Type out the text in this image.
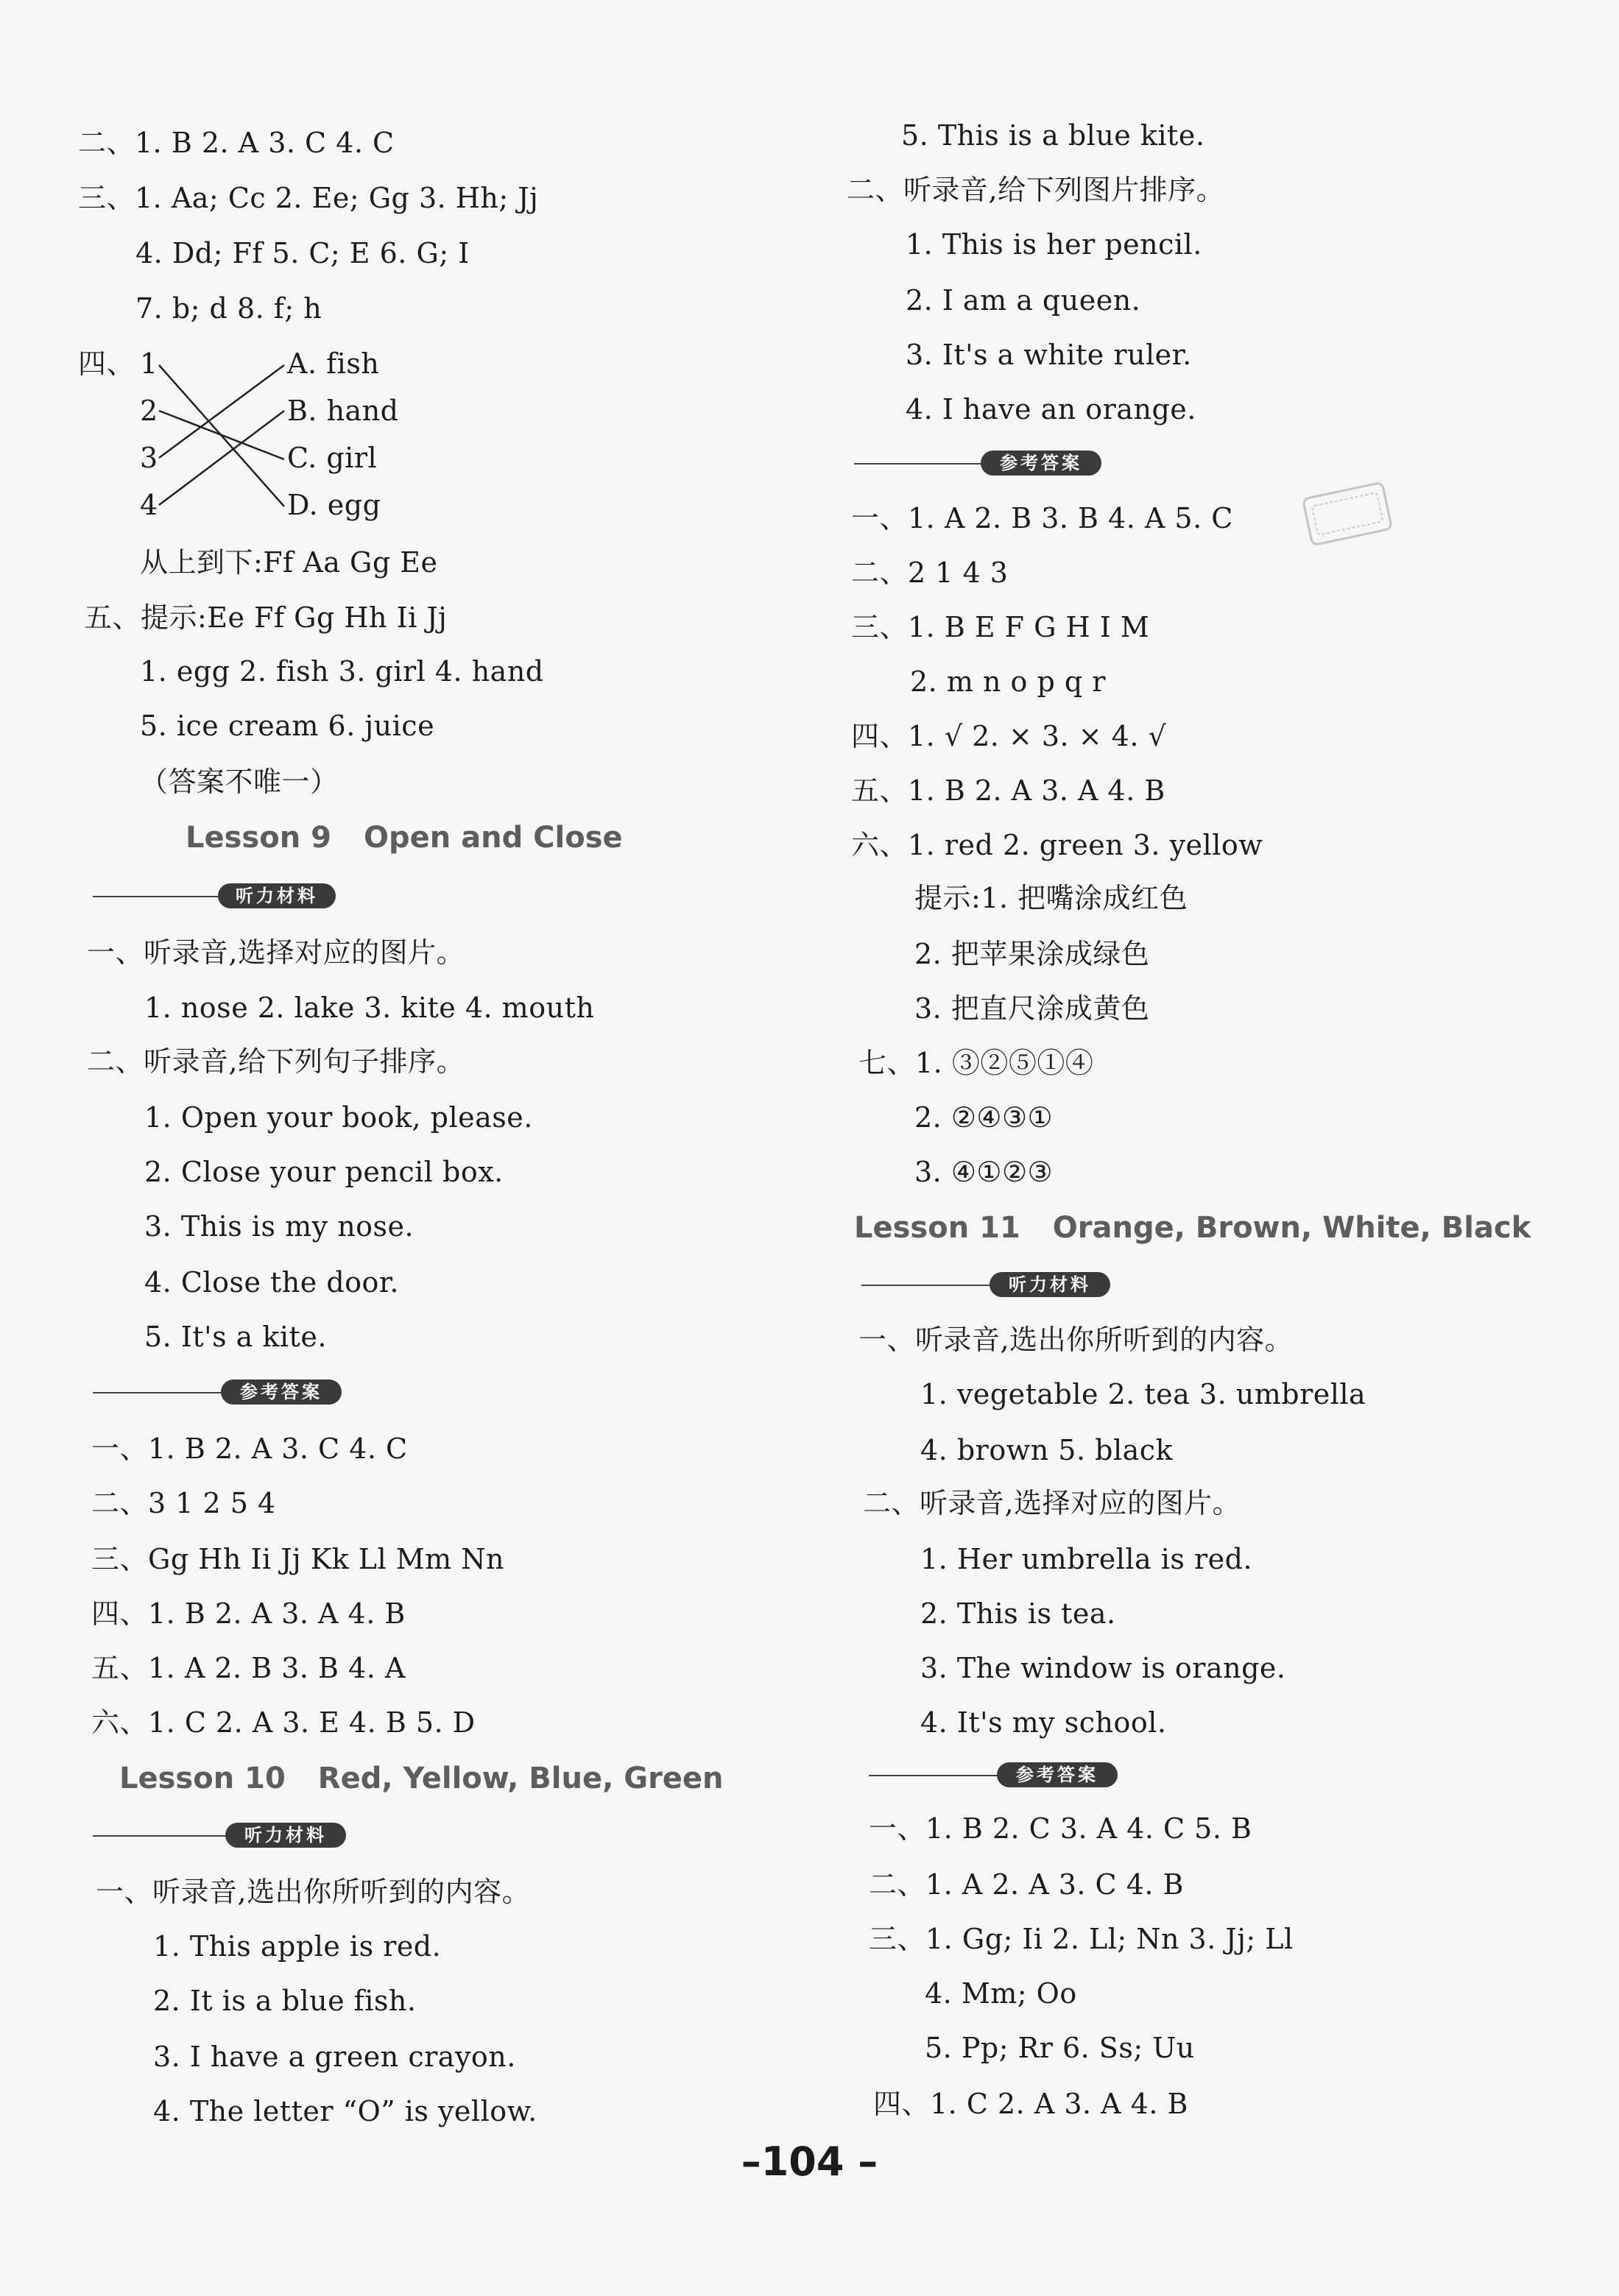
二、1. B 2. A 3. C 4. C
三、1. Aa; Cc 2. Ee; Gg 3. Hh; Jj
4. Dd; Ff 5. C; E 6. G; I
7. b; d 8. f; h
四、 1
2
3
4
A. fish
B. hand
C. girl
D. egg
从上到下:Ff Aa Gg Ee
五、提示:Ee Ff Gg Hh Ii Jj
1. egg 2. fish 3. girl 4. hand
5. ice cream 6. juice
（答案不唯一）
Lesson 9 Open and Close
听力材料
一、听录音,选择对应的图片。
1. nose 2. lake 3. kite 4. mouth
二、听录音,给下列句子排序。
1. Open your book, please.
2. Close your pencil box.
3. This is my nose.
4. Close the door.
5. It's a kite.
参考答案
一、1. B 2. A 3. C 4. C
二、3 1 2 5 4
三、Gg Hh Ii Jj Kk Ll Mm Nn
四、1. B 2. A 3. A 4. B
五、1. A 2. B 3. B 4. A
六、1. C 2. A 3. E 4. B 5. D
Lesson 10 Red, Yellow, Blue, Green
听力材料
一、听录音,选出你所听到的内容。
1. This apple is red.
2. It is a blue fish.
3. I have a green crayon.
4. The letter “O” is yellow.
5. This is a blue kite.
二、听录音,给下列图片排序。
1. This is her pencil.
2. I am a queen.
3. It's a white ruler.
4. I have an orange.
参考答案
一、1. A 2. B 3. B 4. A 5. C
二、2 1 4 3
三、1. B E F G H I M
2. m n o p q r
四、1. √ 2. × 3. × 4. √
五、1. B 2. A 3. A 4. B
六、1. red 2. green 3. yellow
提示:1. 把嘴涂成红色
2. 把苹果涂成绿色
3. 把直尺涂成黄色
七、1. ③②⑤①④
2. ②④③①
3. ④①②③
Lesson 11 Orange, Brown, White, Black
听力材料
一、听录音,选出你所听到的内容。
1. vegetable 2. tea 3. umbrella
4. brown 5. black
二、听录音,选择对应的图片。
1. Her umbrella is red.
2. This is tea.
3. The window is orange.
4. It's my school.
参考答案
一、1. B 2. C 3. A 4. C 5. B
二、1. A 2. A 3. C 4. B
三、1. Gg; Ii 2. Ll; Nn 3. Jj; Ll
4. Mm; Oo
5. Pp; Rr 6. Ss; Uu
四、1. C 2. A 3. A 4. B
–104 –
